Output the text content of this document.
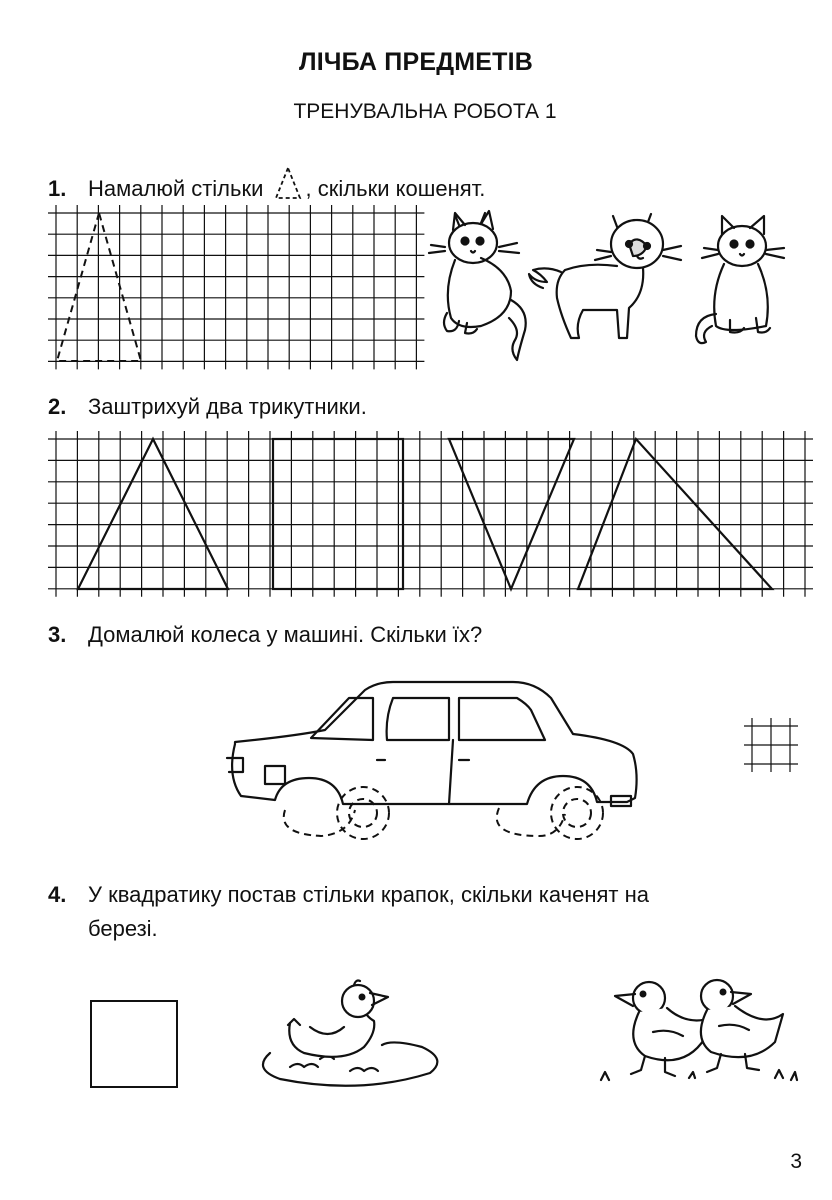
ЛІЧБА ПРЕДМЕТІВ
ТРЕНУВАЛЬНА РОБОТА 1
1. Намалюй стільки , скільки кошенят.
2. Заштрихуй два трикутники.
3. Домалюй колеса у машині. Скільки їх?
4. У квадратику постав стільки крапок, скільки каченят на
березі.
3
